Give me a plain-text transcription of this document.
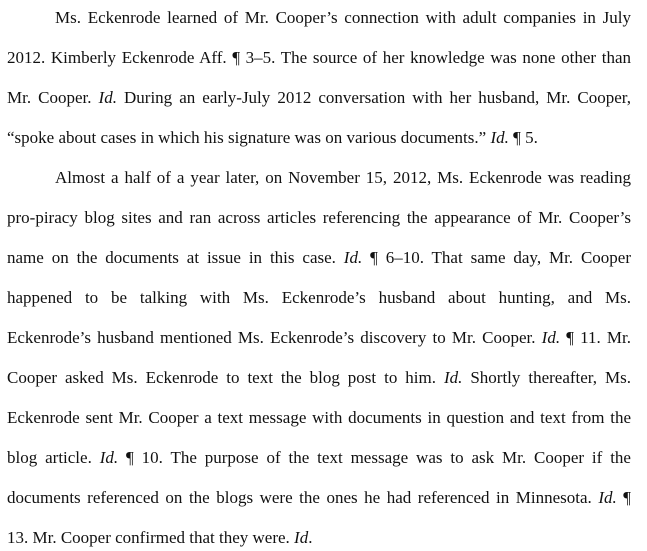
Ms. Eckenrode learned of Mr. Cooper’s connection with adult companies in July
2012. Kimberly Eckenrode Aff. ¶ 3–5. The source of her knowledge was none other than
Mr. Cooper. Id. During an early-July 2012 conversation with her husband, Mr. Cooper,
“spoke about cases in which his signature was on various documents.” Id. ¶ 5.
Almost a half of a year later, on November 15, 2012, Ms. Eckenrode was reading
pro-piracy blog sites and ran across articles referencing the appearance of Mr. Cooper’s
name on the documents at issue in this case. Id. ¶ 6–10. That same day, Mr. Cooper
happened to be talking with Ms. Eckenrode’s husband about hunting, and Ms.
Eckenrode’s husband mentioned Ms. Eckenrode’s discovery to Mr. Cooper. Id. ¶ 11. Mr.
Cooper asked Ms. Eckenrode to text the blog post to him. Id. Shortly thereafter, Ms.
Eckenrode sent Mr. Cooper a text message with documents in question and text from the
blog article. Id. ¶ 10. The purpose of the text message was to ask Mr. Cooper if the
documents referenced on the blogs were the ones he had referenced in Minnesota. Id. ¶
13. Mr. Cooper confirmed that they were. Id.
